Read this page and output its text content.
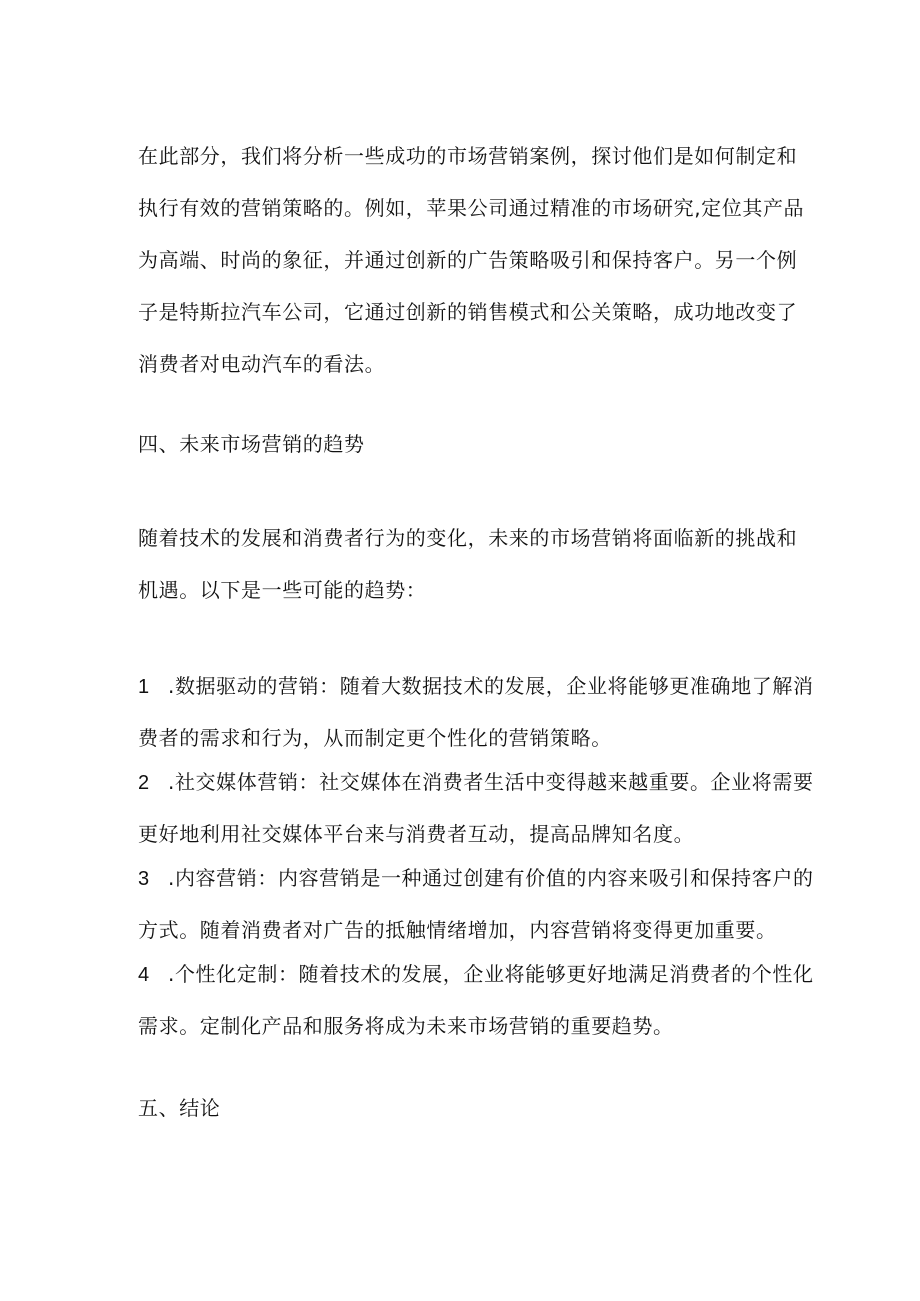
在此部分，我们将分析一些成功的市场营销案例，探讨他们是如何制定和
执行有效的营销策略的。例如，苹果公司通过精准的市场研究,定位其产品
为高端、时尚的象征，并通过创新的广告策略吸引和保持客户。另一个例
子是特斯拉汽车公司，它通过创新的销售模式和公关策略，成功地改变了
消费者对电动汽车的看法。
四、未来市场营销的趋势
随着技术的发展和消费者行为的变化，未来的市场营销将面临新的挑战和
机遇。以下是一些可能的趋势：
1 .数据驱动的营销：随着大数据技术的发展，企业将能够更准确地了解消
费者的需求和行为，从而制定更个性化的营销策略。
2 .社交媒体营销：社交媒体在消费者生活中变得越来越重要。企业将需要
更好地利用社交媒体平台来与消费者互动，提高品牌知名度。
3 .内容营销：内容营销是一种通过创建有价值的内容来吸引和保持客户的
方式。随着消费者对广告的抵触情绪增加，内容营销将变得更加重要。
4 .个性化定制：随着技术的发展，企业将能够更好地满足消费者的个性化
需求。定制化产品和服务将成为未来市场营销的重要趋势。
五、结论
